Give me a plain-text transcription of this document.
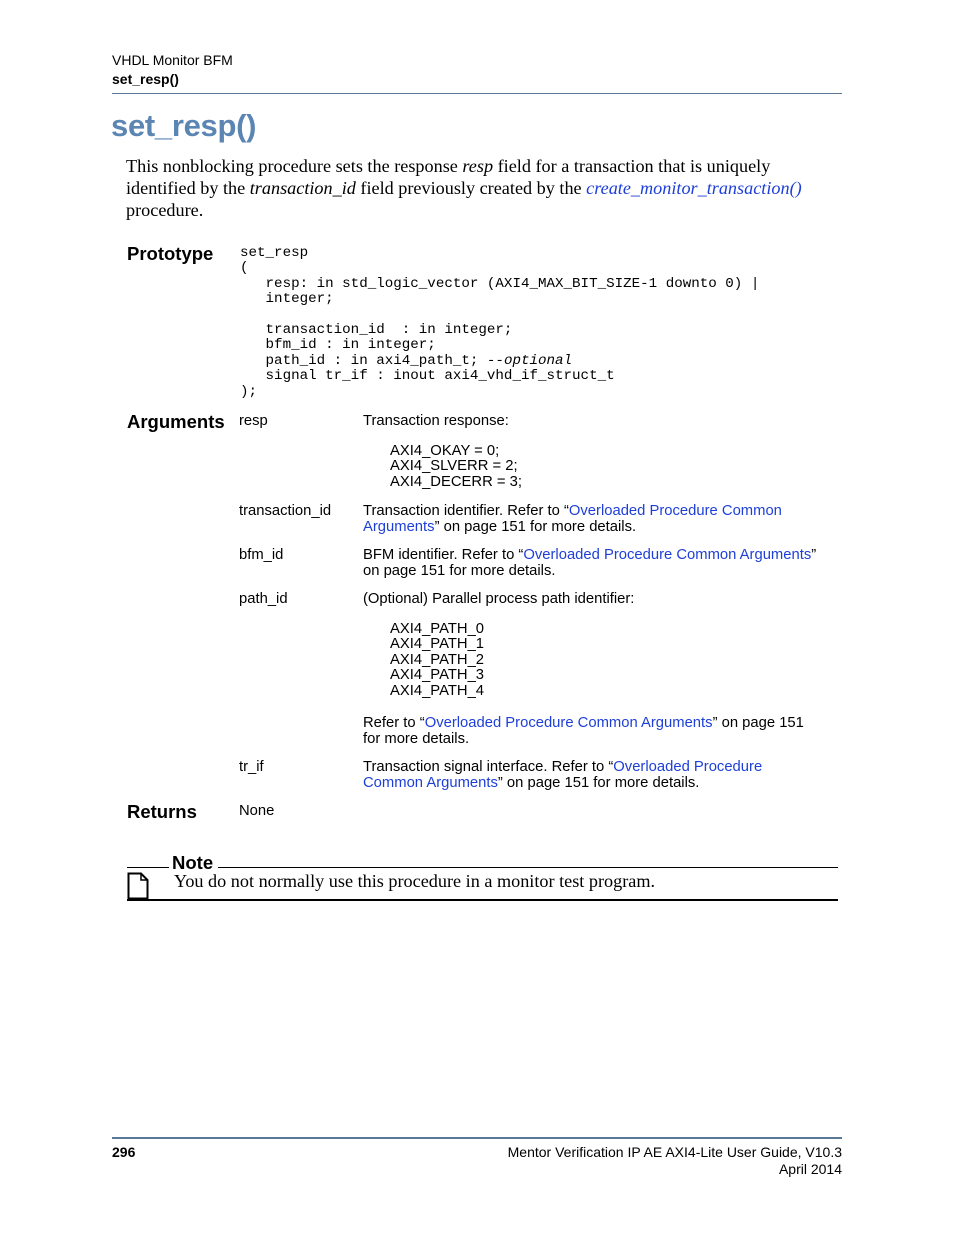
VHDL Monitor BFM
set_resp()
set_resp()
This nonblocking procedure sets the response resp field for a transaction that is uniquely identified by the transaction_id field previously created by the create_monitor_transaction()
procedure.
Prototype set_resp
(
resp: in std_logic_vector (AXI4_MAX_BIT_SIZE-1 downto 0) |
integer;

transaction_id  : in integer;
bfm_id : in integer;
path_id : in axi4_path_t; --optional
signal tr_if : inout axi4_vhd_if_struct_t
);
Arguments resp	Transaction response:
AXI4_OKAY = 0;
AXI4_SLVERR = 2;
AXI4_DECERR = 3;
transaction_id Transaction identifier. Refer to “Overloaded Procedure Common
Arguments” on page 151 for more details.
bfm_id	BFM identifier. Refer to “Overloaded Procedure Common Arguments”
on page 151 for more details.
path_id	(Optional) Parallel process path identifier:
AXI4_PATH_0
AXI4_PATH_1
AXI4_PATH_2
AXI4_PATH_3
AXI4_PATH_4
Refer to “Overloaded Procedure Common Arguments” on page 151
for more details.
tr_if	Transaction signal interface. Refer to “Overloaded Procedure
Common Arguments” on page 151 for more details.
Returns	None
Note
You do not normally use this procedure in a monitor test program.
296	Mentor Verification IP AE AXI4-Lite User Guide, V10.3
April 2014
